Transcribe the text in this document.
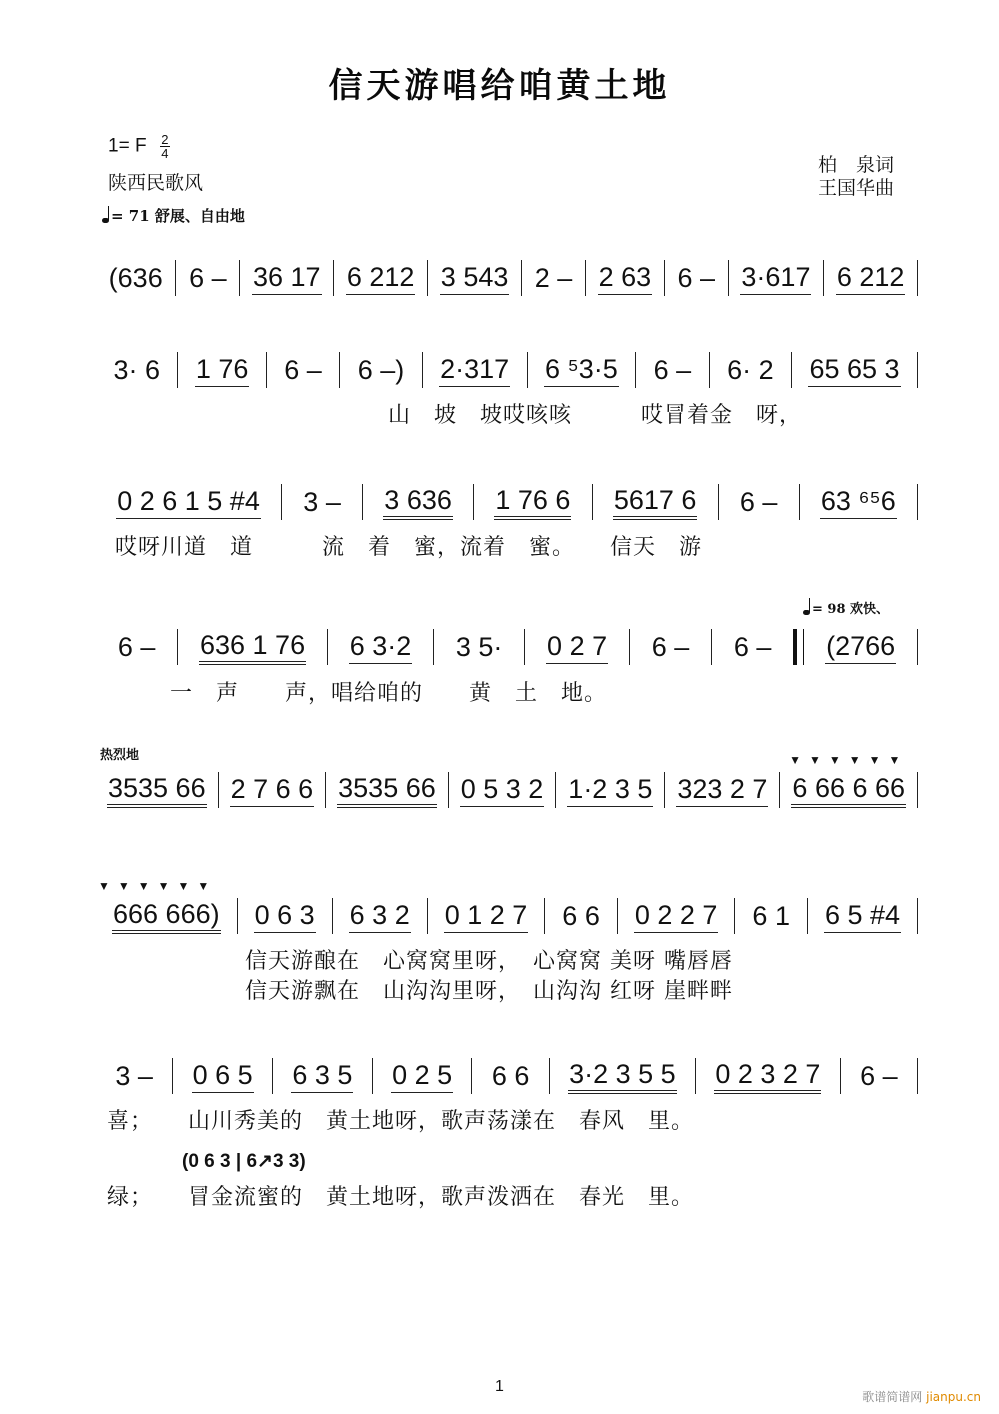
信天游唱给咱黄土地
1= F $\frac{2}{4}$
陕西民歌风
= 71 舒展、自由地
柏　泉词
王国华曲
(636 6 – 36 17 6 212 3 543 2 – 2 63 6 – 3·617 6 212
3· 6 1 76 6 – 6 –) 2·317 6 ⁵3·5 6 – 6· 2 65 65 3
山　坡　坡哎咳咳　　　哎冒着金　呀，
0 2 6 1 5 #4 3 – 3 636 1 76 6 5617 6 6 – 63 ⁶⁵6
哎呀川道　道　　　流　着　蜜，流着　蜜。　　信天　游
6 – 636 1 76 6 3·2 3 5· 0 2 7 6 – 6 – (2766
一　声　　声，唱给咱的　　黄　土　地。
= 98 欢快、
热烈地
3535 66 2 7 6 6 3535 66 0 5 3 2 1·2 3 5 323 2 7
▼▼▼▼▼▼
6 66 6 66
▼▼▼▼▼▼
666 666) 0 6 3 6 3 2 0 1 2 7 6 6 0 2 2 7 6 1 6 5 #4
信天游酿在　心窝窝里呀，　心窝窝 美呀 嘴唇唇
信天游飘在　山沟沟里呀，　山沟沟 红呀 崖畔畔
3 – 0 6 5 6 3 5 0 2 5 6 6 3·2 3 5 5 0 2 3 2 7 6 –
喜；　　山川秀美的　黄土地呀，歌声荡漾在　春风　里。
(0 6 3 | 6↗3 3)
绿；　　冒金流蜜的　黄土地呀，歌声泼洒在　春光　里。
1
歌谱简谱网 jianpu.cn
